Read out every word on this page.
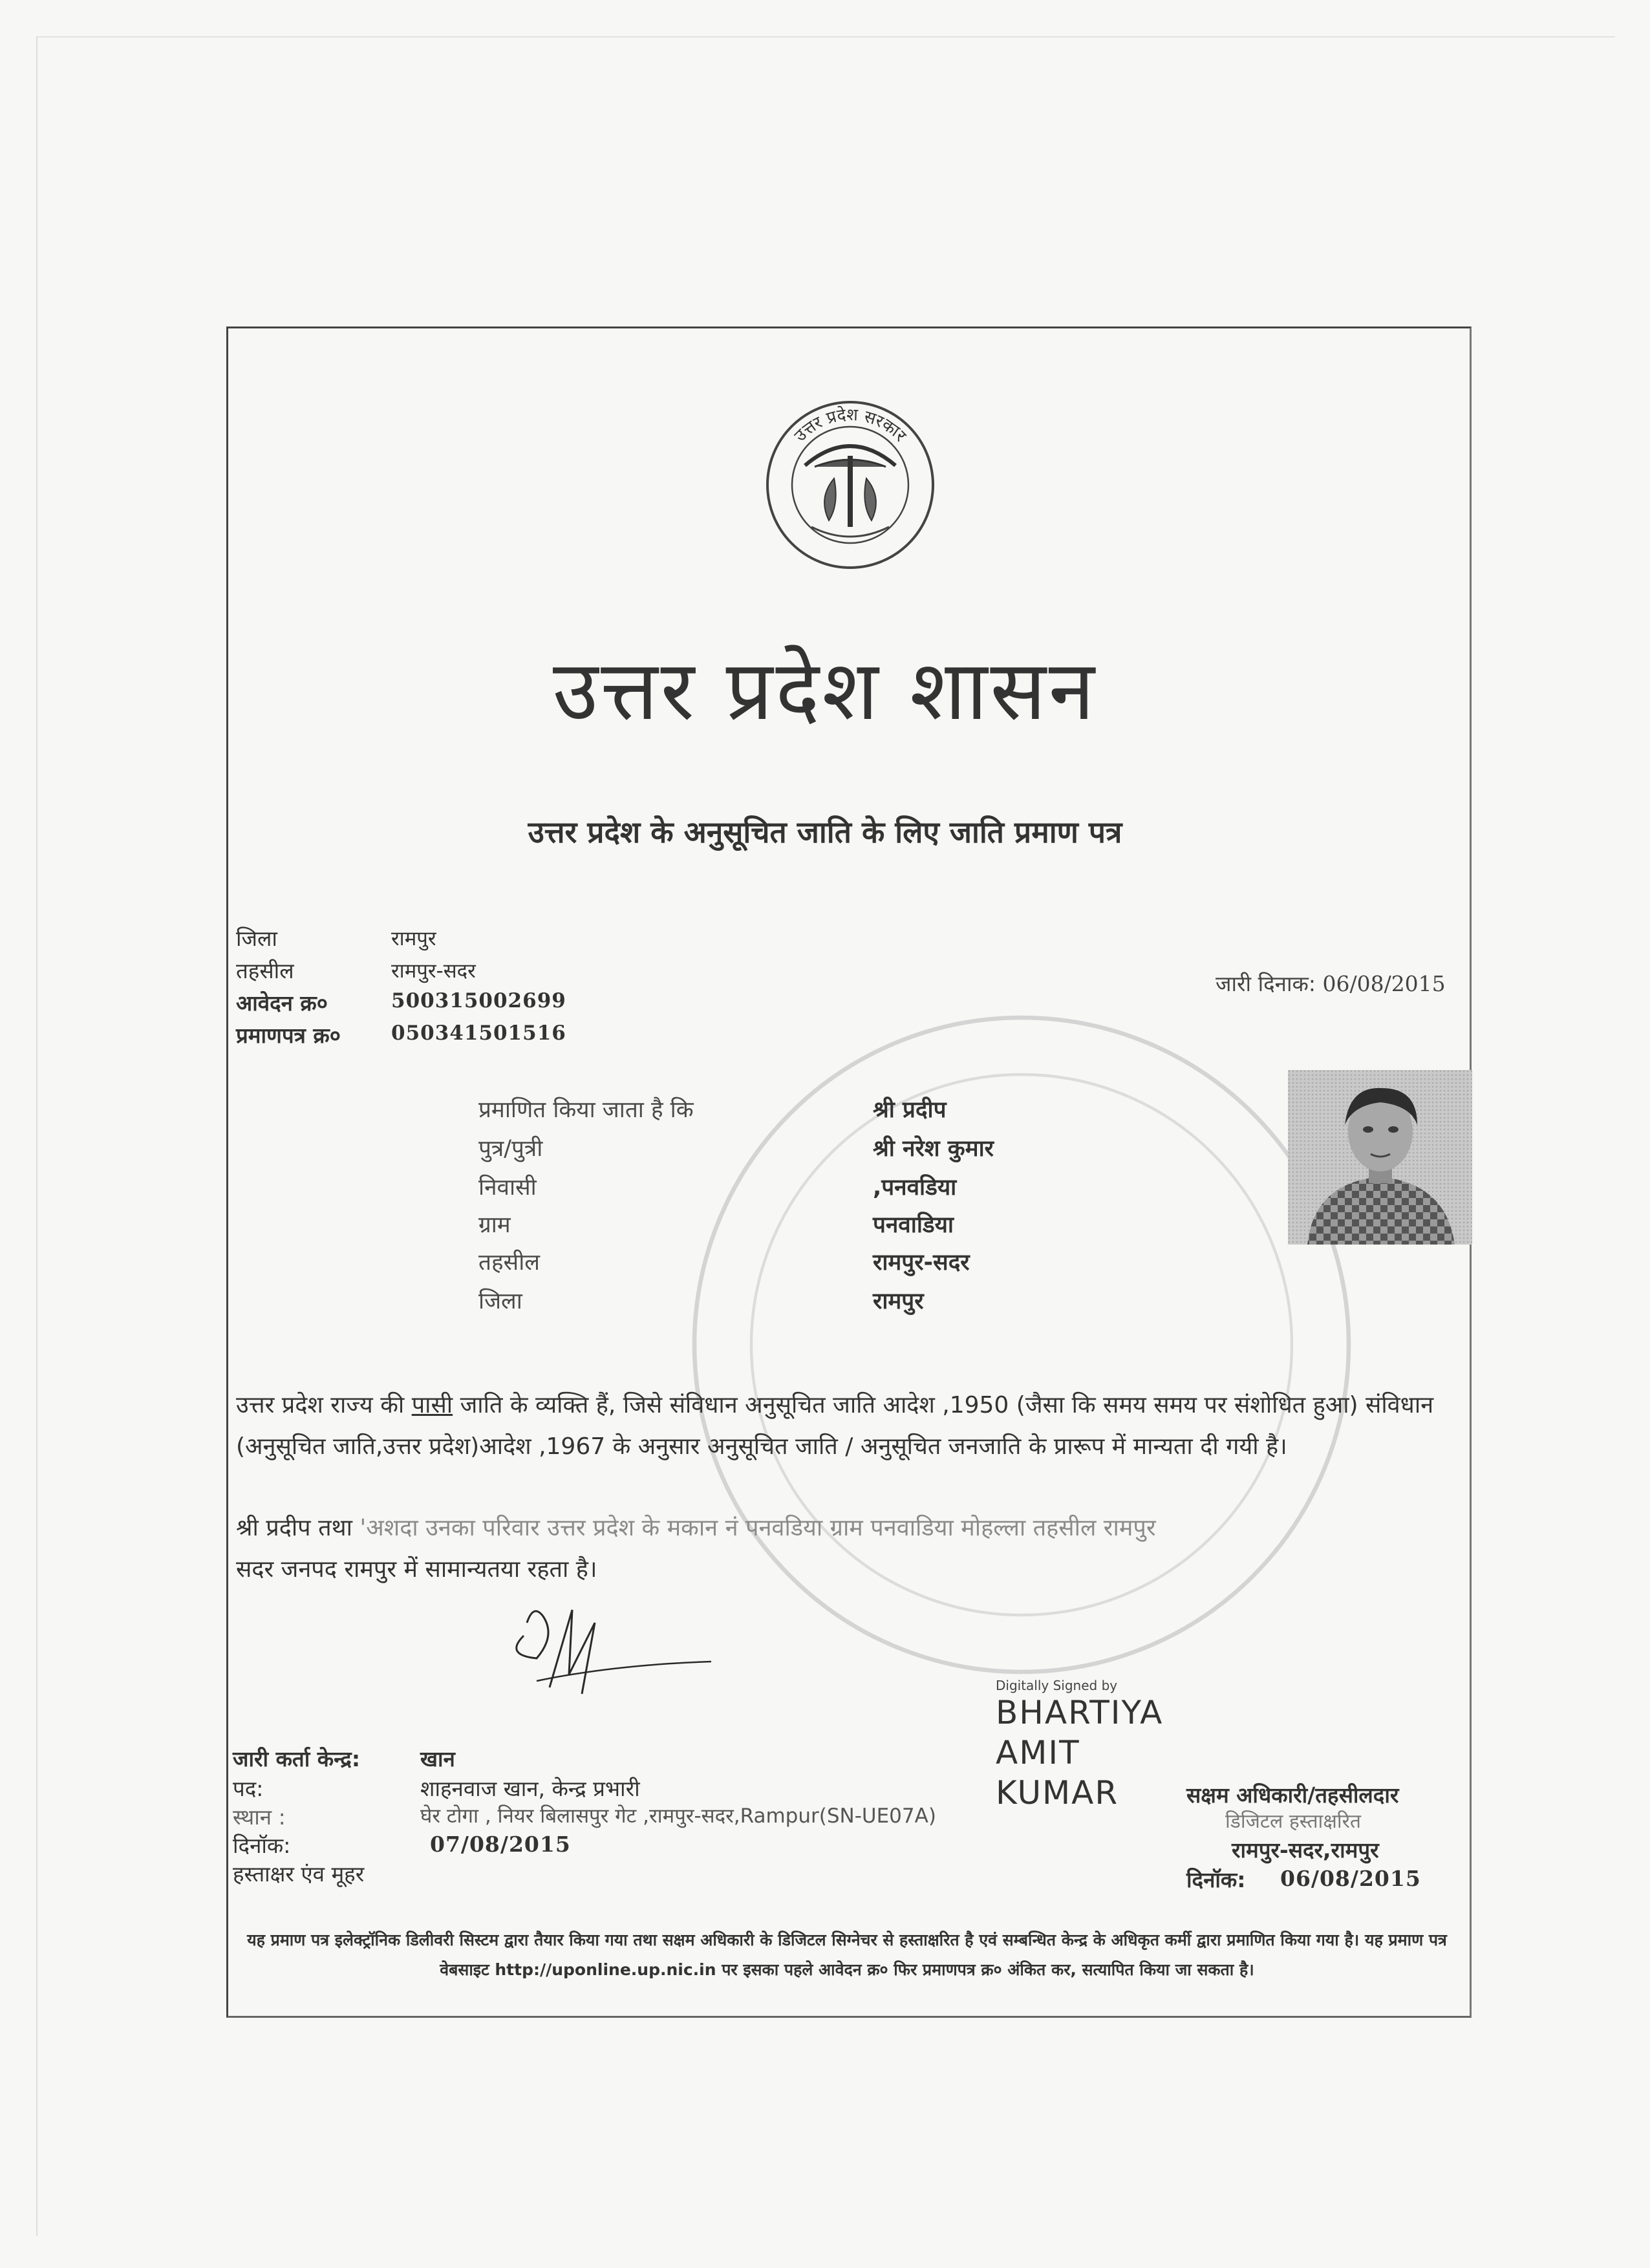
उत्तर प्रदेश सरकार
उत्तर प्रदेश शासन
उत्तर प्रदेश के अनुसूचित जाति के लिए जाति प्रमाण पत्र
जिला	रामपुर
तहसील	रामपुर-सदर
आवेदन क्र०	500315002699
प्रमाणपत्र क्र०	050341501516
जारी दिनाक: 06/08/2015
प्रमाणित किया जाता है कि	श्री प्रदीप
पुत्र/पुत्री	श्री नरेश कुमार
निवासी	,पनवडिया
ग्राम	पनवाडिया
तहसील	रामपुर-सदर
जिला	रामपुर
उत्तर प्रदेश राज्य की पासी जाति के व्यक्ति हैं, जिसे संविधान अनुसूचित जाति आदेश ,1950 (जैसा कि समय समय पर संशोधित हुआ) संविधान (अनुसूचित जाति,उत्तर प्रदेश)आदेश ,1967 के अनुसार अनुसूचित जाति / अनुसूचित जनजाति के प्रारूप में मान्यता दी गयी है।
श्री प्रदीप तथा 'अशदा उनका परिवार उत्तर प्रदेश के मकान नं पनवडिया ग्राम पनवाडिया मोहल्ला तहसील रामपुर
सदर जनपद रामपुर में सामान्यतया रहता है।
Digitally Signed by
BHARTIYA
AMIT
KUMAR
जारी कर्ता केन्द्र:	खान
पद:	शाहनवाज खान, केन्द्र प्रभारी
स्थान :	घेर टोगा , नियर बिलासपुर गेट ,रामपुर-सदर,Rampur(SN-UE07A)
दिनॉक:	07/08/2015
हस्ताक्षर एंव मूहर
सक्षम अधिकारी/तहसीलदार
डिजिटल हस्ताक्षरित
रामपुर-सदर,रामपुर
दिनॉक: 06/08/2015
यह प्रमाण पत्र इलेक्ट्रॉनिक डिलीवरी सिस्टम द्वारा तैयार किया गया तथा सक्षम अधिकारी के डिजिटल सिग्नेचर से हस्ताक्षरित है एवं सम्बन्धित केन्द्र के अधिकृत कर्मी द्वारा प्रमाणित किया गया है। यह प्रमाण पत्र वेबसाइट http://uponline.up.nic.in पर इसका पहले आवेदन क्र० फिर प्रमाणपत्र क्र० अंकित कर, सत्यापित किया जा सकता है।
